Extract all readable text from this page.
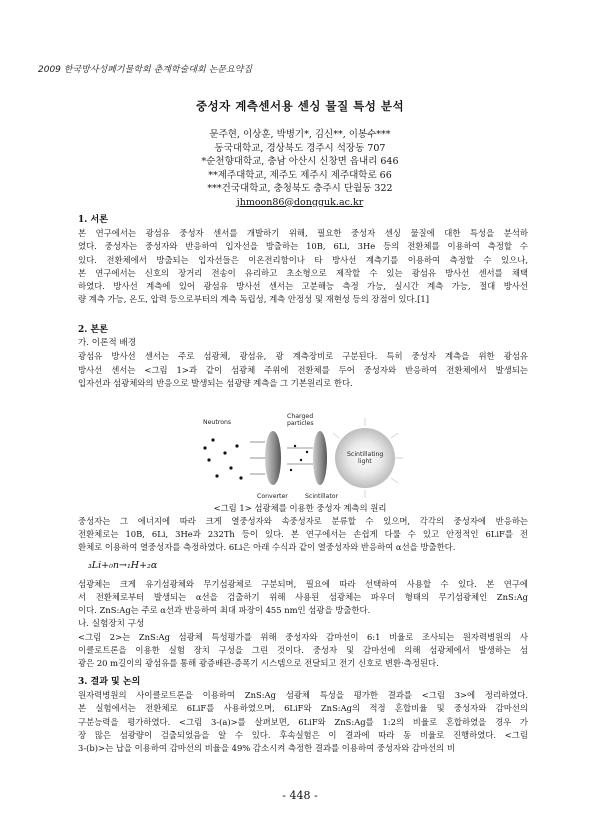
2009 한국방사성폐기물학회 춘계학술대회 논문요약집
중성자 계측센서용 센싱 물질 특성 분석
문주현, 이상훈, 박병기*, 김신**, 이봉수***
동국대학교, 경상북도 경주시 석장동 707
*순천향대학교, 충남 아산시 신창면 읍내리 646
**제주대학교, 제주도 제주시 제주대학로 66
***건국대학교, 충청북도 충주시 단월동 322
jhmoon86@dongguk.ac.kr
1. 서론
본 연구에서는 광섬유 중성자 센서를 개발하기 위해, 필요한 중성자 센싱 물질에 대한 특성을 분석하
였다. 중성자는 중성자와 반응하여 입자선을 방출하는 10B, 6Li, 3He 등의 전환체를 이용하여 측정할 수
있다. 전환체에서 방출되는 입자선들은 이온전리함이나 타 방사선 계측기를 이용하여 측정할 수 있으나,
본 연구에서는 신호의 장거리 전송이 유리하고 초소형으로 제작할 수 있는 광섬유 방사선 센서를 채택
하였다. 방사선 계측에 있어 광섬유 방사선 센서는 고분해능 측정 가능, 실시간 계측 가능, 절대 방사선
량 계측 가능, 온도, 압력 등으로부터의 계측 독립성, 계측 안정성 및 재현성 등의 장점이 있다.[1]
2. 본론
가. 이론적 배경
광섬유 방사선 센서는 주로 섬광체, 광섬유, 광 계측장비로 구분된다. 특히 중성자 계측을 위한 광섬유
방사선 센서는 <그림 1>과 같이 섬광체 주위에 전환체를 두어 중성자와 반응하여 전환체에서 발생되는
입자선과 섬광체와의 반응으로 발생되는 섬광량 계측을 그 기본원리로 한다.
Neutrons
Charged
particles
Scintillating
light
Converter	Scintillator
<그림 1> 섬광체를 이용한 중성자 계측의 원리
중성자는 그 에너지에 따라 크게 열중성자와 속중성자로 분류할 수 있으며, 각각의 중성자에 반응하는
전환체로는 10B, 6Li, 3He과 232Th 등이 있다. 본 연구에서는 손쉽게 다룰 수 있고 안정적인 6LiF를 전
환체로 이용하여 열중성자를 측정하였다. 6Li은 아래 수식과 같이 열중성자와 반응하여 α선을 방출한다.
₃Li+₀n→₁H+₂α
섬광체는 크게 유기섬광체와 무기섬광체로 구분되며, 필요에 따라 선택하여 사용할 수 있다. 본 연구에
서 전환체로부터 발생되는 α선을 검출하기 위해 사용된 섬광체는 파우더 형태의 무기섬광체인 ZnS:Ag
이다. ZnS:Ag는 주로 α선과 반응하여 최대 파장이 455 nm인 섬광을 방출한다.
나. 실험장치 구성
<그림 2>는 ZnS:Ag 섬광체 특성평가를 위해 중성자와 감마선이 6:1 비율로 조사되는 원자력병원의 사
이클로트론을 이용한 실험 장치 구성을 그린 것이다. 중성자 및 감마선에 의해 섬광체에서 발생하는 섬
광은 20 m길이의 광섬유를 통해 광증배관-증폭기 시스템으로 전달되고 전기 신호로 변환·측정된다.
3. 결과 및 논의
원자력병원의 사이클로트론을 이용하여 ZnS:Ag 섬광체 특성을 평가한 결과를 <그림 3>에 정리하였다.
본 실험에서는 전환체로 6LiF를 사용하였으며, 6LiF와 ZnS:Ag의 적정 혼합비율 및 중성자와 감마선의
구분능력을 평가하였다. <그림 3-(a)>를 살펴보면, 6LiF와 ZnS:Ag를 1:2의 비율로 혼합하였을 경우 가
장 많은 섬광량이 검출되었음을 알 수 있다. 후속실험은 이 결과에 따라 동 비율로 진행하였다. <그림
3-(b)>는 납을 이용하여 감마선의 비율을 49% 감소시켜 측정한 결과를 이용하여 중성자와 감마선의 비
- 448 -
